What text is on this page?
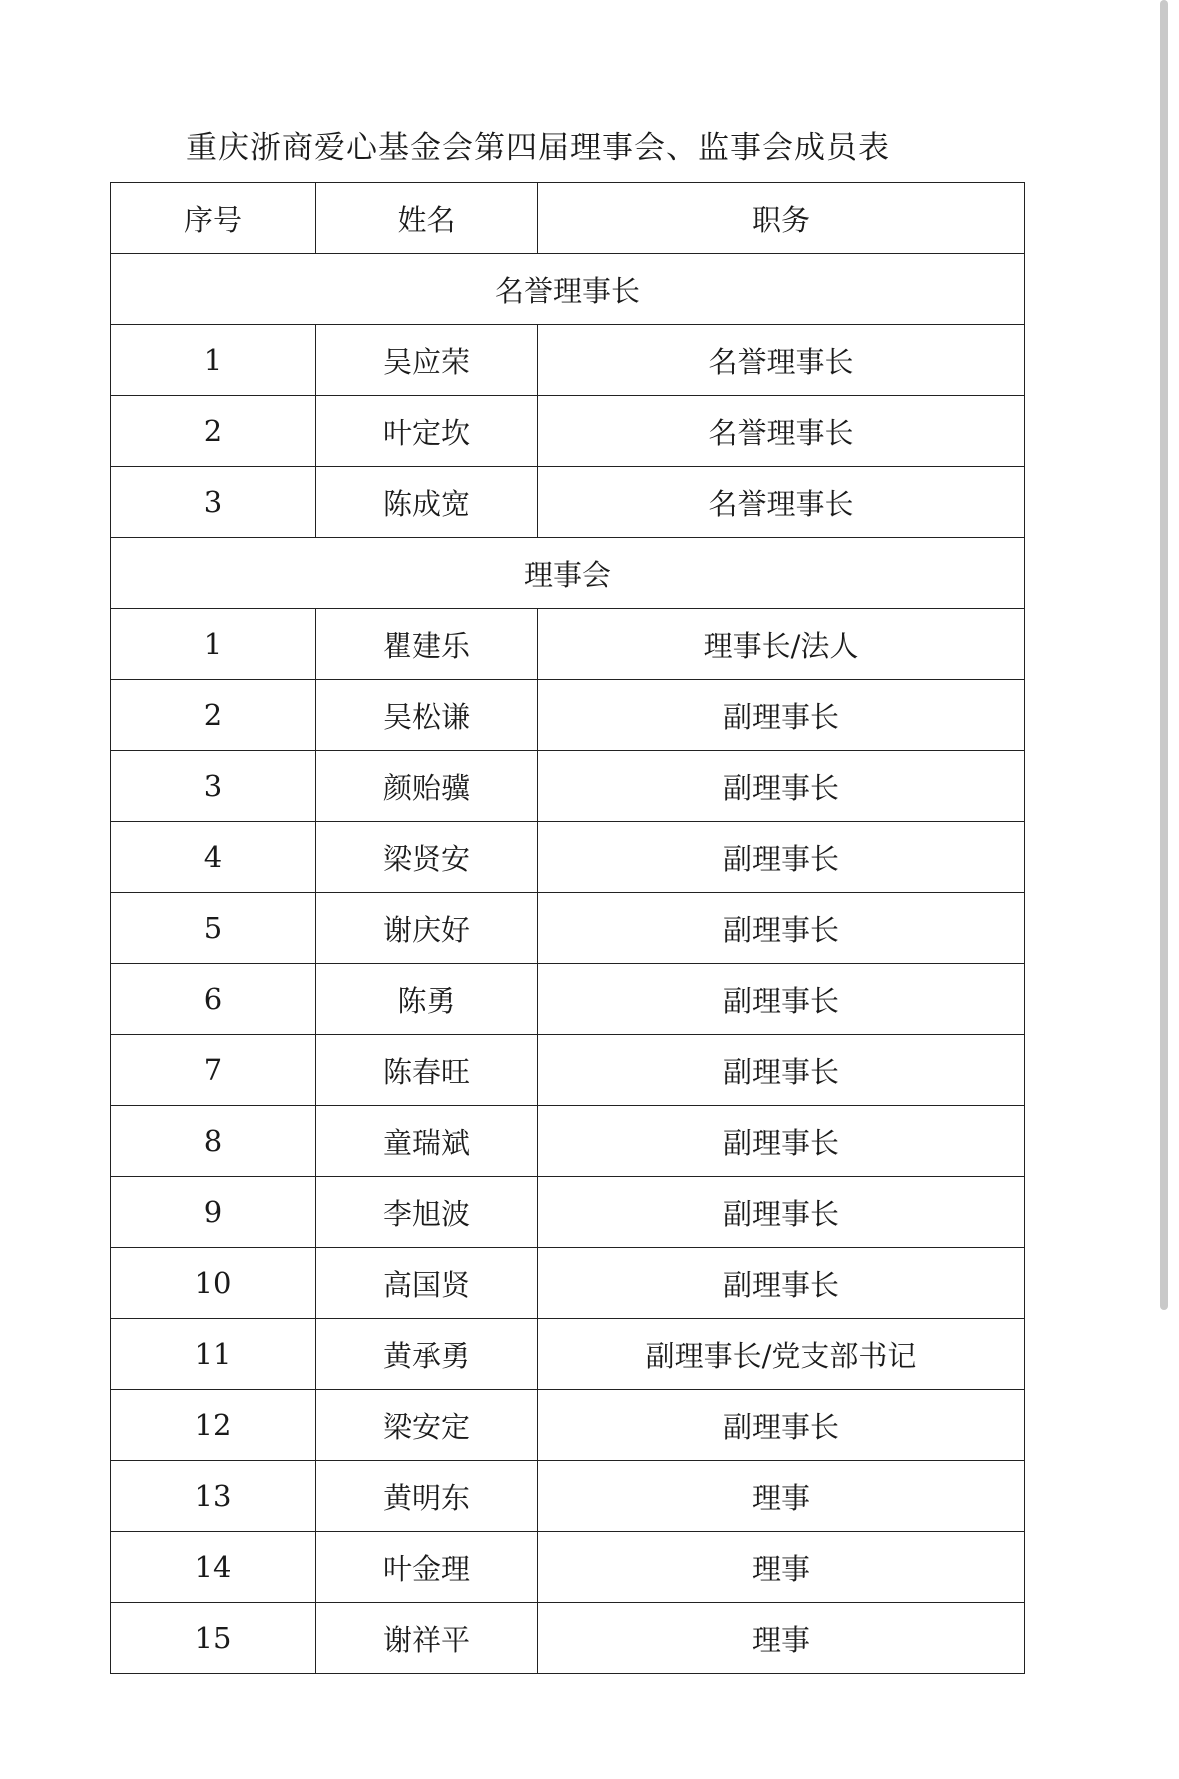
重庆浙商爱心基金会第四届理事会、监事会成员表
序号	姓名	职务
名誉理事长		
1	吴应荣	名誉理事长
2	叶定坎	名誉理事长
3	陈成宽	名誉理事长
理事会		
1	瞿建乐	理事长/法人
2	吴松谦	副理事长
3	颜贻骥	副理事长
4	梁贤安	副理事长
5	谢庆好	副理事长
6	陈勇	副理事长
7	陈春旺	副理事长
8	童瑞斌	副理事长
9	李旭波	副理事长
10	高国贤	副理事长
11	黄承勇	副理事长/党支部书记
12	梁安定	副理事长
13	黄明东	理事
14	叶金理	理事
15	谢祥平	理事
